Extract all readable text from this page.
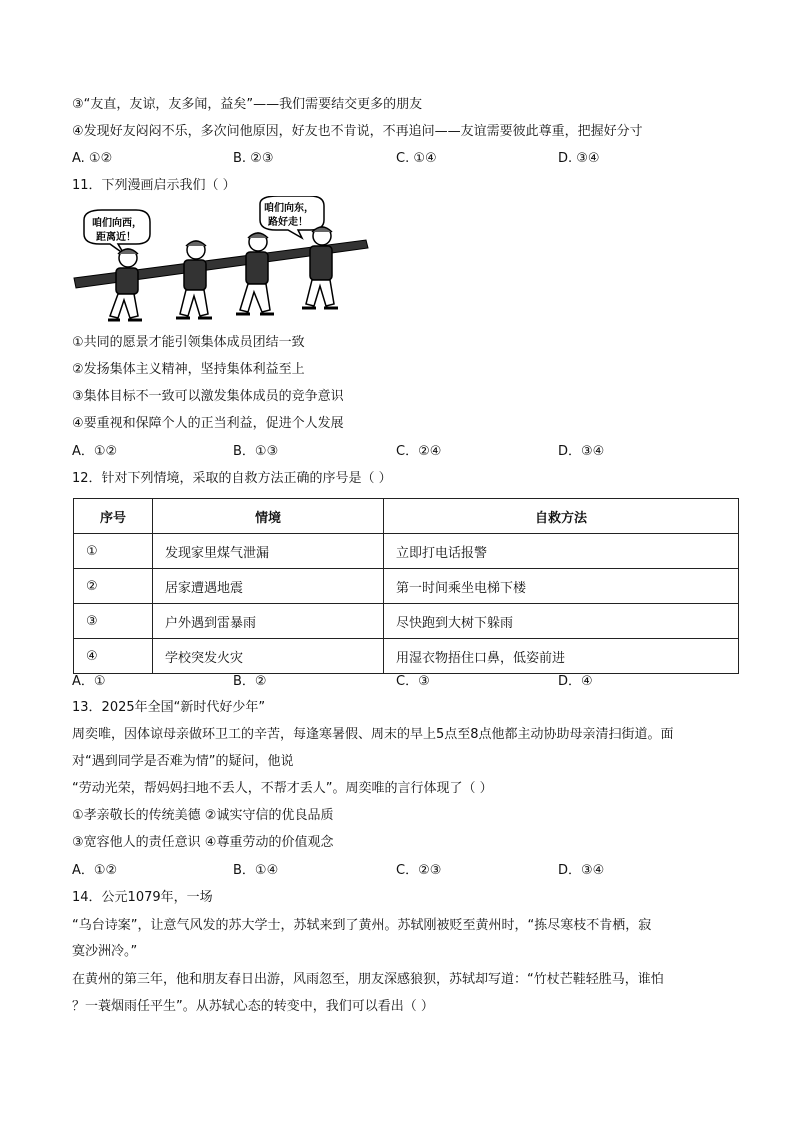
③“友直，友谅，友多闻，益矣”——我们需要结交更多的朋友
④发现好友闷闷不乐，多次问他原因，好友也不肯说，不再追问——友谊需要彼此尊重，把握好分寸
A. ①②	B. ②③	C. ①④	D. ③④
11．下列漫画启示我们（ ）
咱们向西，
距离近！
咱们向东，
路好走！
①共同的愿景才能引领集体成员团结一致
②发扬集体主义精神，坚持集体利益至上
③集体目标不一致可以激发集体成员的竞争意识
④要重视和保障个人的正当利益，促进个人发展
A．①②	B．①③	C．②④	D．③④
12．针对下列情境，采取的自救方法正确的序号是（ ）
序号	情境	自救方法
①	发现家里煤气泄漏	立即打电话报警
②	居家遭遇地震	第一时间乘坐电梯下楼
③	户外遇到雷暴雨	尽快跑到大树下躲雨
④	学校突发火灾	用湿衣物捂住口鼻，低姿前进
A．①	B．②	C．③	D．④
13．2025年全国“新时代好少年”
周奕唯，因体谅母亲做环卫工的辛苦，每逢寒暑假、周末的早上5点至8点他都主动协助母亲清扫街道。面
对“遇到同学是否难为情”的疑问，他说
“劳动光荣，帮妈妈扫地不丢人，不帮才丢人”。周奕唯的言行体现了（ ）
①孝亲敬长的传统美德 ②诚实守信的优良品质
③宽容他人的责任意识 ④尊重劳动的价值观念
A．①②	B．①④	C．②③	D．③④
14．公元1079年，一场
“乌台诗案”，让意气风发的苏大学士，苏轼来到了黄州。苏轼刚被贬至黄州时，“拣尽寒枝不肯栖，寂
寞沙洲冷。”
在黄州的第三年，他和朋友春日出游，风雨忽至，朋友深感狼狈，苏轼却写道：“竹杖芒鞋轻胜马，谁怕
？一蓑烟雨任平生”。从苏轼心态的转变中，我们可以看出（ ）
